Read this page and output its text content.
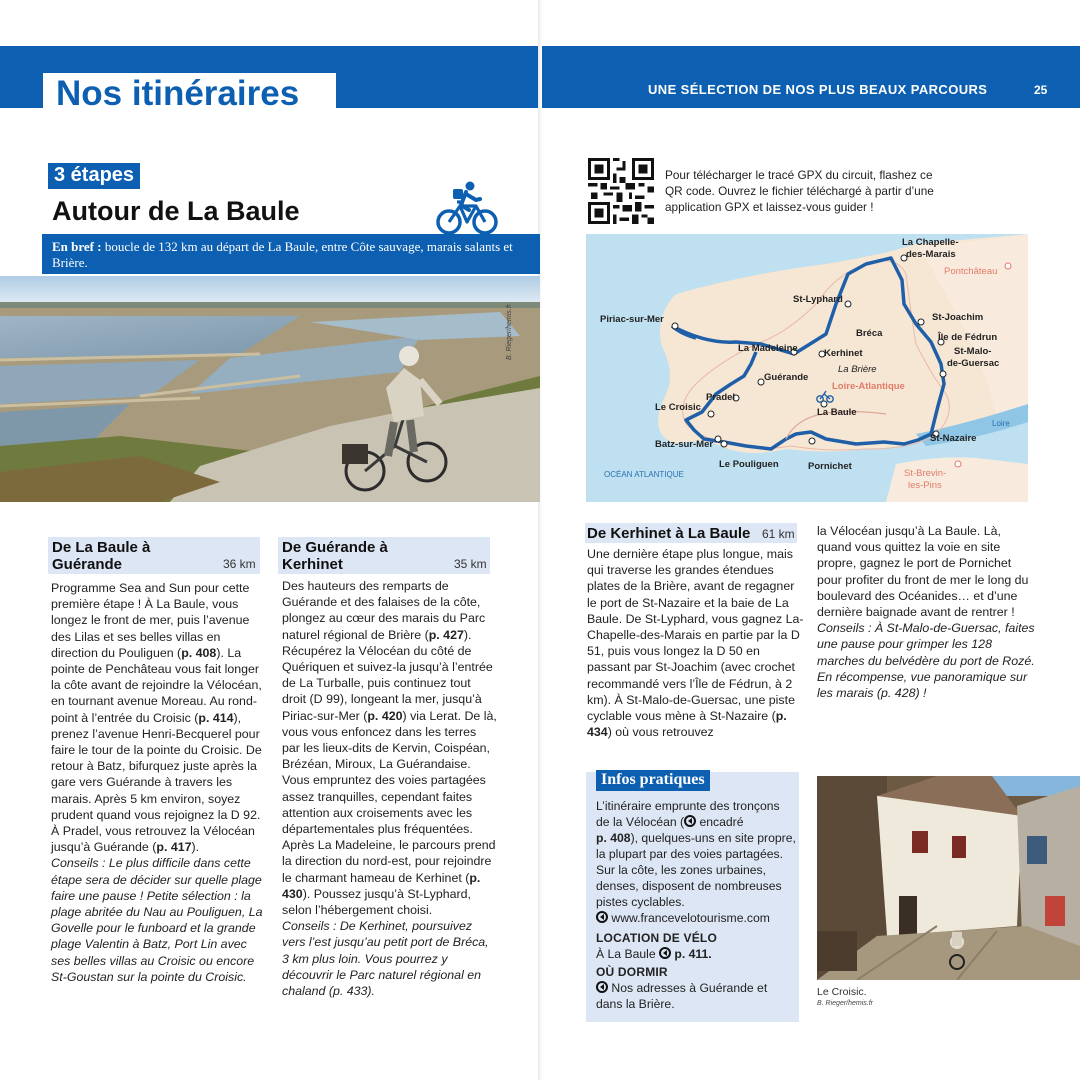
Nos itinéraires	UNE SÉLECTION DE NOS PLUS BEAUX PARCOURS	25
3 étapes
Autour de La Baule
En bref : boucle de 132 km au départ de La Baule, entre Côte sauvage, marais salants et Brière.
B. Rieger/hemis.fr
De La Baule à Guérande	36 km
Programme Sea and Sun pour cette première étape ! À La Baule, vous longez le front de mer, puis l’avenue des Lilas et ses belles villas en direction du Pouliguen (p. 408). La pointe de Penchâteau vous fait longer la côte avant de rejoindre la Vélocéan, en tournant avenue Moreau. Au rond-point à l’entrée du Croisic (p. 414), prenez l’avenue Henri-Becquerel pour faire le tour de la pointe du Croisic. De retour à Batz, bifurquez juste après la gare vers Guérande à travers les marais. Après 5 km environ, soyez prudent quand vous rejoignez la D 92. À Pradel, vous retrouvez la Vélocéan jusqu’à Guérande (p. 417).
Conseils : Le plus difficile dans cette étape sera de décider sur quelle plage faire une pause ! Petite sélection : la plage abritée du Nau au Pouliguen, La Govelle pour le funboard et la grande plage Valentin à Batz, Port Lin avec ses belles villas au Croisic ou encore St-Goustan sur la pointe du Croisic.
De Guérande à Kerhinet	35 km
Des hauteurs des remparts de Guérande et des falaises de la côte, plongez au cœur des marais du Parc naturel régional de Brière (p. 427). Récupérez la Vélocéan du côté de Quériquen et suivez-la jusqu’à l’entrée de La Turballe, puis continuez tout droit (D 99), longeant la mer, jusqu’à Piriac-sur-Mer (p. 420) via Lerat. De là, vous vous enfoncez dans les terres par les lieux-dits de Kervin, Coispéan, Brézéan, Miroux, La Guérandaise. Vous empruntez des voies partagées assez tranquilles, cependant faites attention aux croisements avec les départementales plus fréquentées. Après La Madeleine, le parcours prend la direction du nord-est, pour rejoindre le charmant hameau de Kerhinet (p. 430). Poussez jusqu’à St-Lyphard, selon l’hébergement choisi.
Conseils : De Kerhinet, poursuivez vers l’est jusqu’au petit port de Bréca, 3 km plus loin. Vous pourrez y découvrir le Parc naturel régional en chaland (p. 433).
Pour télécharger le tracé GPX du circuit, flashez ce QR code. Ouvrez le fichier téléchargé à partir d’une application GPX et laissez-vous guider !
La Chapelle-
des-Marais
Pontchâteau
St-Lyphard
Piriac-sur-Mer	St-Joachim
Bréca	Île de Fédrun
La Madeleine	Kerhinet	St-Malo-
de-Guersac
La Brière
Guérande
Loire-Atlantique
Pradel
Le Croisic	La Baule
Loire
St-Nazaire
Batz-sur-Mer
Le Pouliguen	Pornichet
OCÉAN ATLANTIQUE	St-Brevin-
les-Pins
De Kerhinet à La Baule 61 km
Une dernière étape plus longue, mais qui traverse les grandes étendues plates de la Brière, avant de regagner le port de St-Nazaire et la baie de La Baule. De St-Lyphard, vous gagnez La-Chapelle-des-Marais en partie par la D 51, puis vous longez la D 50 en passant par St-Joachim (avec crochet recommandé vers l’Île de Fédrun, à 2 km). À St-Malo-de-Guersac, une piste cyclable vous mène à St-Nazaire (p. 434) où vous retrouvez
la Vélocéan jusqu’à La Baule. Là, quand vous quittez la voie en site propre, gagnez le port de Pornichet pour profiter du front de mer le long du boulevard des Océanides… et d’une dernière baignade avant de rentrer !
Conseils : À St-Malo-de-Guersac, faites une pause pour grimper les 128 marches du belvédère du port de Rozé. En récompense, vue panoramique sur les marais (p. 428) !
Infos pratiques
L’itinéraire emprunte des tronçons de la Vélocéan ( encadré
p. 408), quelques-uns en site propre, la plupart par des voies partagées. Sur la côte, les zones urbaines, denses, disposent de nombreuses pistes cyclables.
www.francevelotourisme.com
LOCATION DE VÉLO
À La Baule  p. 411.
OÙ DORMIR
Nos adresses à Guérande et dans la Brière.
Le Croisic.
B. Rieger/hemis.fr
